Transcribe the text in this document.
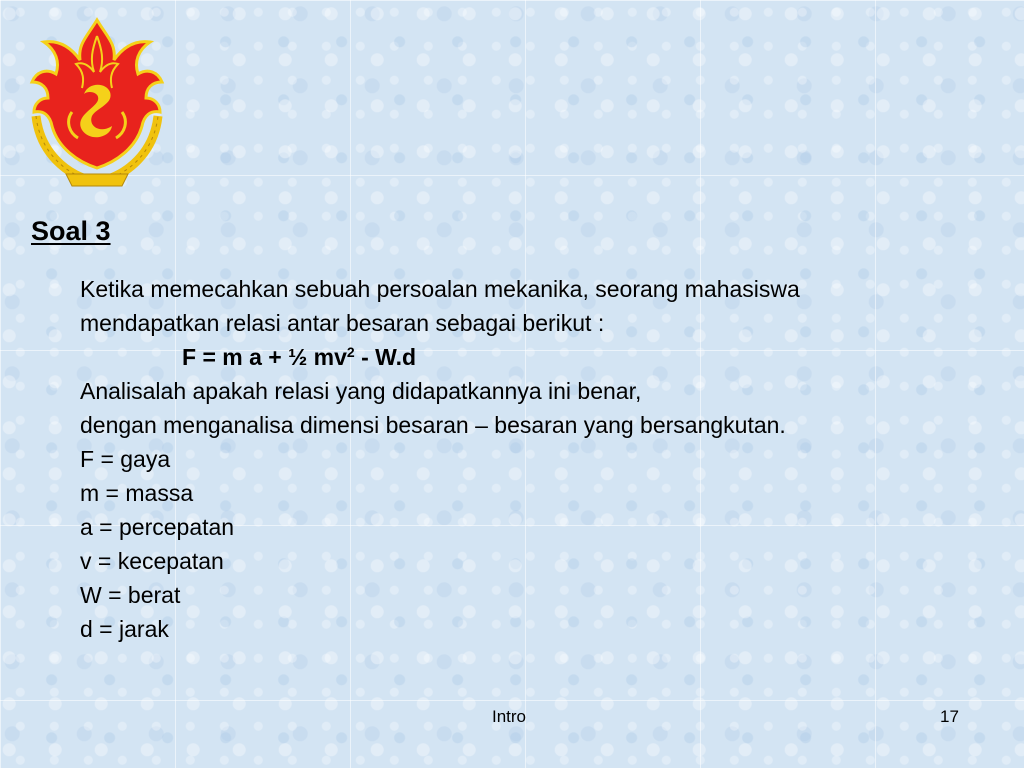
Soal 3
Ketika memecahkan sebuah persoalan mekanika, seorang mahasiswa
mendapatkan relasi antar besaran sebagai berikut :
F = m a + ½ $mv^2 - W.d$
Analisalah apakah relasi yang didapatkannya ini benar,
dengan menganalisa dimensi besaran – besaran yang bersangkutan.
F = gaya
m = massa
a = percepatan
v = kecepatan
W = berat
d = jarak
Intro	17
